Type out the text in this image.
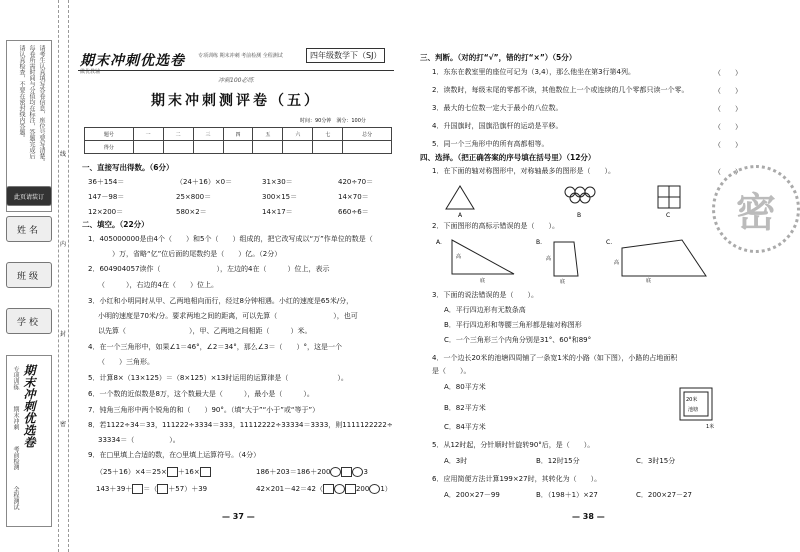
请考生认真填写答卷信息，座位号要写清楚。
每卷所需时间与分值均在标注，答题完成后
请认真检查，不要在密封线内答题。
此页请装订
姓名
班级
学校
期末冲刺优选卷
专项训练
期末冲刺
考前检测
全程测试
线
内
封
密
期末冲刺优选卷
做优教辅
专项训练 期末冲刺 考前检测 全程测试	四年级数学下（SJ）
冲刺100必练
期末冲刺测评卷（五）
时间：90分钟　满分：100分
题号	一	二	三	四	五	六	七	总分
得分								
一、直接写出得数。（6分）
36＋154＝	（24＋16）×0＝	31×30＝	420÷70＝
147－98＝	25×800＝	300×15＝	14×70＝
12×200＝	580×2＝	14×17＝	660÷6＝
二、填空。（22分）
1．405000000是由4个（　　）和5个（　　）组成的，把它改写成以“万”作单位的数是（
　　）万，省略“亿”位后面的尾数约是（　　）亿。（2分）
2．604904057读作（　　　　　　　　），左边的4在（　　　）位上，表示
（　　　），右边的4在（　　）位上。
3．小红和小明同时从甲、乙两地相向而行，经过8分钟相遇。小红的速度是65米/分，
小明的速度是70米/分。要求两地之间的距离，可以先算（　　　　　　　　），也可
以先算（　　　　　　　　　），甲、乙两地之间相距（　　　）米。
4．在一个三角形中，如果∠1＝46°，∠2＝34°，那么∠3＝（　　）°，这是一个
（　　）三角形。
5．计算8×（13×125）＝（8×125）×13时运用的运算律是（　　　　　　　）。
6．一个数的近似数是8万，这个数最大是（　　　），最小是（　　　）。
7．钝角三角形中两个锐角的和（　　）90°。（填“大于”“小于”或“等于”）
8．若1122÷34＝33，111222÷3334＝333，11112222÷33334＝3333，则1111122222÷
33334＝（　　　　　）。
9．在□里填上合适的数，在○里填上运算符号。（4分）
（25＋16）×4＝25× ＋16×	186＋203＝186＋200	3
143＋39＋ ＝（ ＋57）＋39	42×201－42＝42（	200 1）
— 37 —
三、判断。（对的打“√”，错的打“×”）（5分）
1．东东在教室里的座位可记为（3,4），那么他坐在第3行第4列。	（　　）
2．读数时，每级末尾的零都不读，其他数位上一个或连续的几个零都只读一个零。	（　　）
3．最大的七位数一定大于最小的八位数。	（　　）
4．升国旗时，国旗沿旗杆的运动是平移。	（　　）
5．同一个三角形中的所有高都相等。	（　　）
四、选择。（把正确答案的序号填在括号里）（12分）
1．在下面的轴对称图形中，对称轴最多的图形是（　　）。	（　　）
A	B	C
2．下面图形的高标示错误的是（　　）。
A.
高
底
B.
高
底
C.
底
高
3．下面的说法错误的是（　　）。
A．平行四边形有无数条高
B．平行四边形和等腰三角形都是轴对称图形
C．一个三角形三个内角分别是31°、60°和89°
4．一个边长20米的池塘四周铺了一条宽1米的小路（如下图），小路的占地面积
是（　　）。
A．80平方米
B．82平方米
C．84平方米
20米
池塘
1米
5．从12时起，分针顺时针旋转90°后，是（　　）。
A．3时	B．12时15分	C．3时15分
6．应用简便方法计算199×27时，其转化为（　　）。
A．200×27－99	B．（198＋1）×27	C．200×27－27
— 38 —
密
